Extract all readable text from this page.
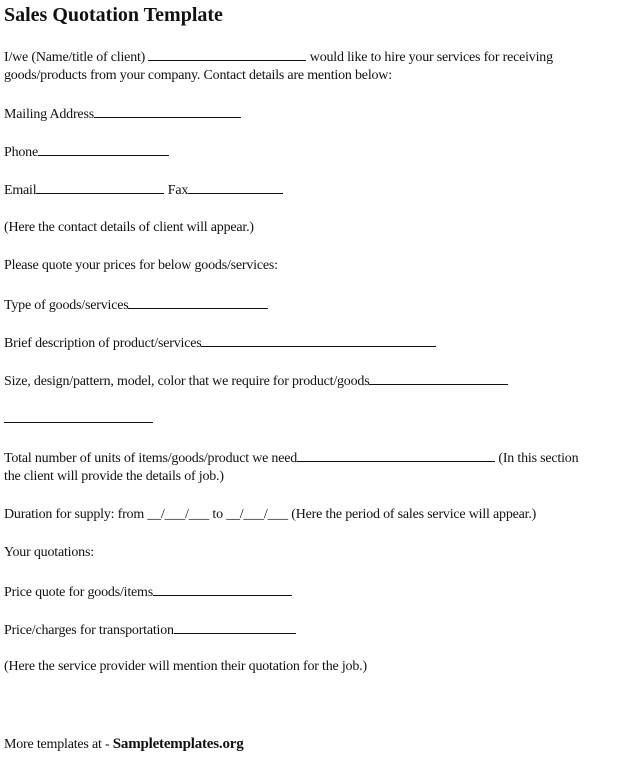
Sales Quotation Template
I/we (Name/title of client)	would like to hire your services for receiving
goods/products from your company. Contact details are mention below:
Mailing Address
Phone
Email	Fax
(Here the contact details of client will appear.)
Please quote your prices for below goods/services:
Type of goods/services
Brief description of product/services
Size, design/pattern, model, color that we require for product/goods
Total number of units of items/goods/product we need	(In this section
the client will provide the details of job.)
Duration for supply: from __/___/___ to __/___/___ (Here the period of sales service will appear.)
Your quotations:
Price quote for goods/items
Price/charges for transportation
(Here the service provider will mention their quotation for the job.)
More templates at - Sampletemplates.org
